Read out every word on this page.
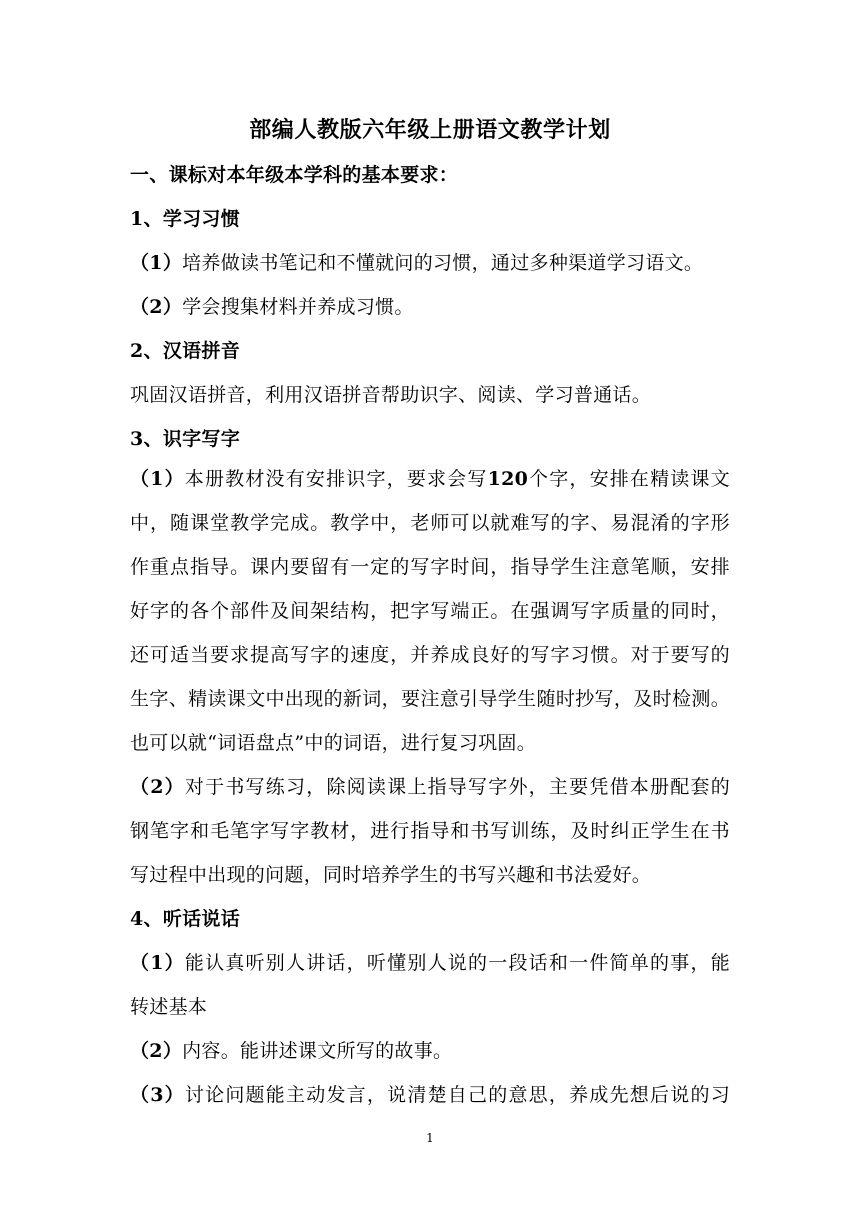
部编人教版六年级上册语文教学计划
一、课标对本年级本学科的基本要求：
1、学习习惯
（1）培养做读书笔记和不懂就问的习惯，通过多种渠道学习语文。
（2）学会搜集材料并养成习惯。
2、汉语拼音
巩固汉语拼音，利用汉语拼音帮助识字、阅读、学习普通话。
3、识字写字
（1）本册教材没有安排识字，要求会写120个字，安排在精读课文
中，随课堂教学完成。教学中，老师可以就难写的字、易混淆的字形
作重点指导。课内要留有一定的写字时间，指导学生注意笔顺，安排
好字的各个部件及间架结构，把字写端正。在强调写字质量的同时，
还可适当要求提高写字的速度，并养成良好的写字习惯。对于要写的
生字、精读课文中出现的新词，要注意引导学生随时抄写，及时检测。
也可以就“词语盘点”中的词语，进行复习巩固。
（2）对于书写练习，除阅读课上指导写字外，主要凭借本册配套的
钢笔字和毛笔字写字教材，进行指导和书写训练，及时纠正学生在书
写过程中出现的问题，同时培养学生的书写兴趣和书法爱好。
4、听话说话
（1）能认真听别人讲话，听懂别人说的一段话和一件简单的事，能
转述基本
（2）内容。能讲述课文所写的故事。
（3）讨论问题能主动发言，说清楚自己的意思，养成先想后说的习
1
